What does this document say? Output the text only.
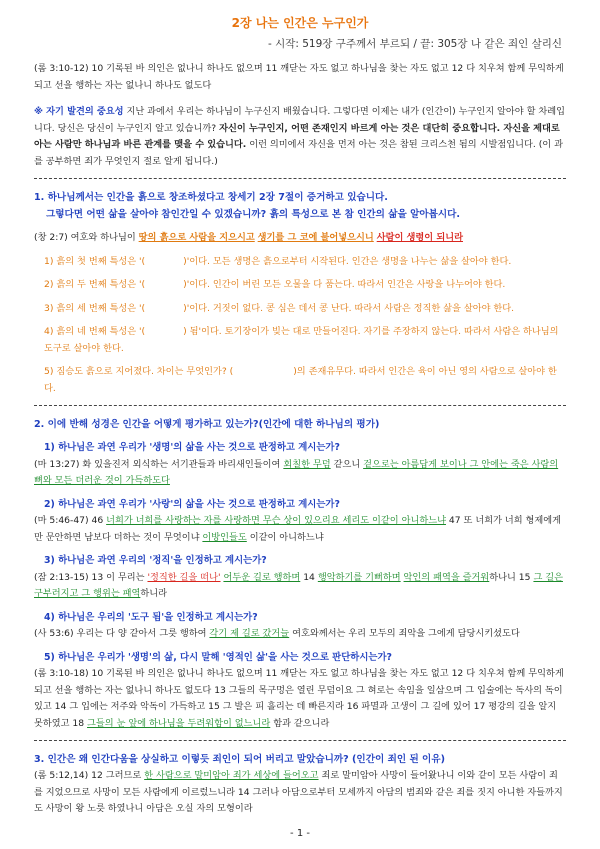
2장 나는 인간은 누구인가
- 시작: 519장 구주께서 부르되 / 끝: 305장 나 같은 죄인 살리신

(롬 3:10-12) 10 기록된 바 의인은 없나니 하나도 없으며 11 깨닫는 자도 없고 하나님을 찾는 자도 없고 12 다 치우쳐 함께 무익하게 되고 선을 행하는 자는 없나니 하나도 없도다

※ 자기 발견의 중요성 지난 과에서 우리는 하나님이 누구신지 배웠습니다. 그렇다면 이제는 내가 (인간이) 누구인지 알아야 할 차례입니다. 당신은 당신이 누구인지 알고 있습니까? 자신이 누구인지, 어떤 존재인지 바르게 아는 것은 대단히 중요합니다. 자신을 제대로 아는 사람만 하나님과 바른 관계를 맺을 수 있습니다. 이런 의미에서 자신을 먼저 아는 것은 참된 크리스천 됨의 시발점입니다. (이 과를 공부하면 죄가 무엇인지 절로 알게 됩니다.)

1. 하나님께서는 인간을 흙으로 창조하셨다고 창세기 2장 7절이 증거하고 있습니다.

그렇다면 어떤 삶을 살아야 참인간일 수 있겠습니까? 흙의 특성으로 본 참 인간의 삶을 알아봅시다.

(창 2:7) 여호와 하나님이 땅의 흙으로 사람을 지으시고 생기를 그 코에 불어넣으시니 사람이 생령이 되니라

1) 흙의 첫 번째 특성은 '(	)'이다. 모든 생명은 흙으로부터 시작된다. 인간은 생명을 나누는 삶을 살아야 한다.

2) 흙의 두 번째 특성은 '(	)'이다. 인간이 버린 모든 오물을 다 품는다. 따라서 인간은 사랑을 나누어야 한다.

3) 흙의 세 번째 특성은 '(	)'이다. 거짓이 없다. 콩 심은 데서 콩 난다. 따라서 사람은 정직한 삶을 살아야 한다.

4) 흙의 네 번째 특성은 '(	) 됨'이다. 토기장이가 빚는 대로 만들어진다. 자기를 주장하지 않는다. 따라서 사람은 하나님의 도구로 살아야 한다.

5) 짐승도 흙으로 지어졌다. 차이는 무엇인가? (	)의 존재유무다. 따라서 인간은 육이 아닌 영의 사람으로 살아야 한다.

2. 이에 반해 성경은 인간을 어떻게 평가하고 있는가?(인간에 대한 하나님의 평가)

1) 하나님은 과연 우리가 '생명'의 삶을 사는 것으로 판정하고 계시는가?

(마 13:27) 화 있을진저 외식하는 서기관들과 바리새인들이여 회칠한 무덤 같으니 겉으로는 아름답게 보이나 그 안에는 죽은 사람의 뼈와 모든 더러운 것이 가득하도다

2) 하나님은 과연 우리가 '사랑'의 삶을 사는 것으로 판정하고 계시는가?

(마 5:46-47) 46 너희가 너희를 사랑하는 자를 사랑하면 무슨 상이 있으리요 세리도 이같이 아니하느냐 47 또 너희가 너희 형제에게만 문안하면 남보다 더하는 것이 무엇이냐 이방인들도 이같이 아니하느냐

3) 하나님은 과연 우리의 '정직'을 인정하고 계시는가?

(잠 2:13-15) 13 이 무리는 '정직한 길을 떠나' 어두운 길로 행하며 14 행악하기를 기뻐하며 악인의 패역을 즐거워하나니 15 그 길은 구부러지고 그 행위는 패역하니라

4) 하나님은 우리의 '도구 됨'을 인정하고 계시는가?

(사 53:6) 우리는 다 양 같아서 그릇 행하여 각기 제 길로 갔거늘 여호와께서는 우리 모두의 죄악을 그에게 담당시키셨도다

5) 하나님은 우리가 '생명'의 삶, 다시 말해 '영적인 삶'을 사는 것으로 판단하시는가?

(롬 3:10-18) 10 기록된 바 의인은 없나니 하나도 없으며 11 깨닫는 자도 없고 하나님을 찾는 자도 없고 12 다 치우쳐 함께 무익하게 되고 선을 행하는 자는 없나니 하나도 없도다 13 그들의 목구멍은 열린 무덤이요 그 혀로는 속임을 일삼으며 그 입술에는 독사의 독이 있고 14 그 입에는 저주와 악독이 가득하고 15 그 발은 피 흘리는 데 빠른지라 16 파멸과 고생이 그 길에 있어 17 평강의 길을 알지 못하였고 18 그들의 눈 앞에 하나님을 두려워함이 없느니라 함과 같으니라

3. 인간은 왜 인간다움을 상실하고 이렇듯 죄인이 되어 버리고 말았습니까? (인간이 죄인 된 이유)

(롬 5:12,14) 12 그러므로 한 사람으로 말미암아 죄가 세상에 들어오고 죄로 말미암아 사망이 들어왔나니 이와 같이 모든 사람이 죄를 지었으므로 사망이 모든 사람에게 이르렀느니라 14 그러나 아담으로부터 모세까지 아담의 범죄와 같은 죄를 짓지 아니한 자들까지도 사망이 왕 노릇 하였나니 아담은 오실 자의 모형이라

- 1 -
